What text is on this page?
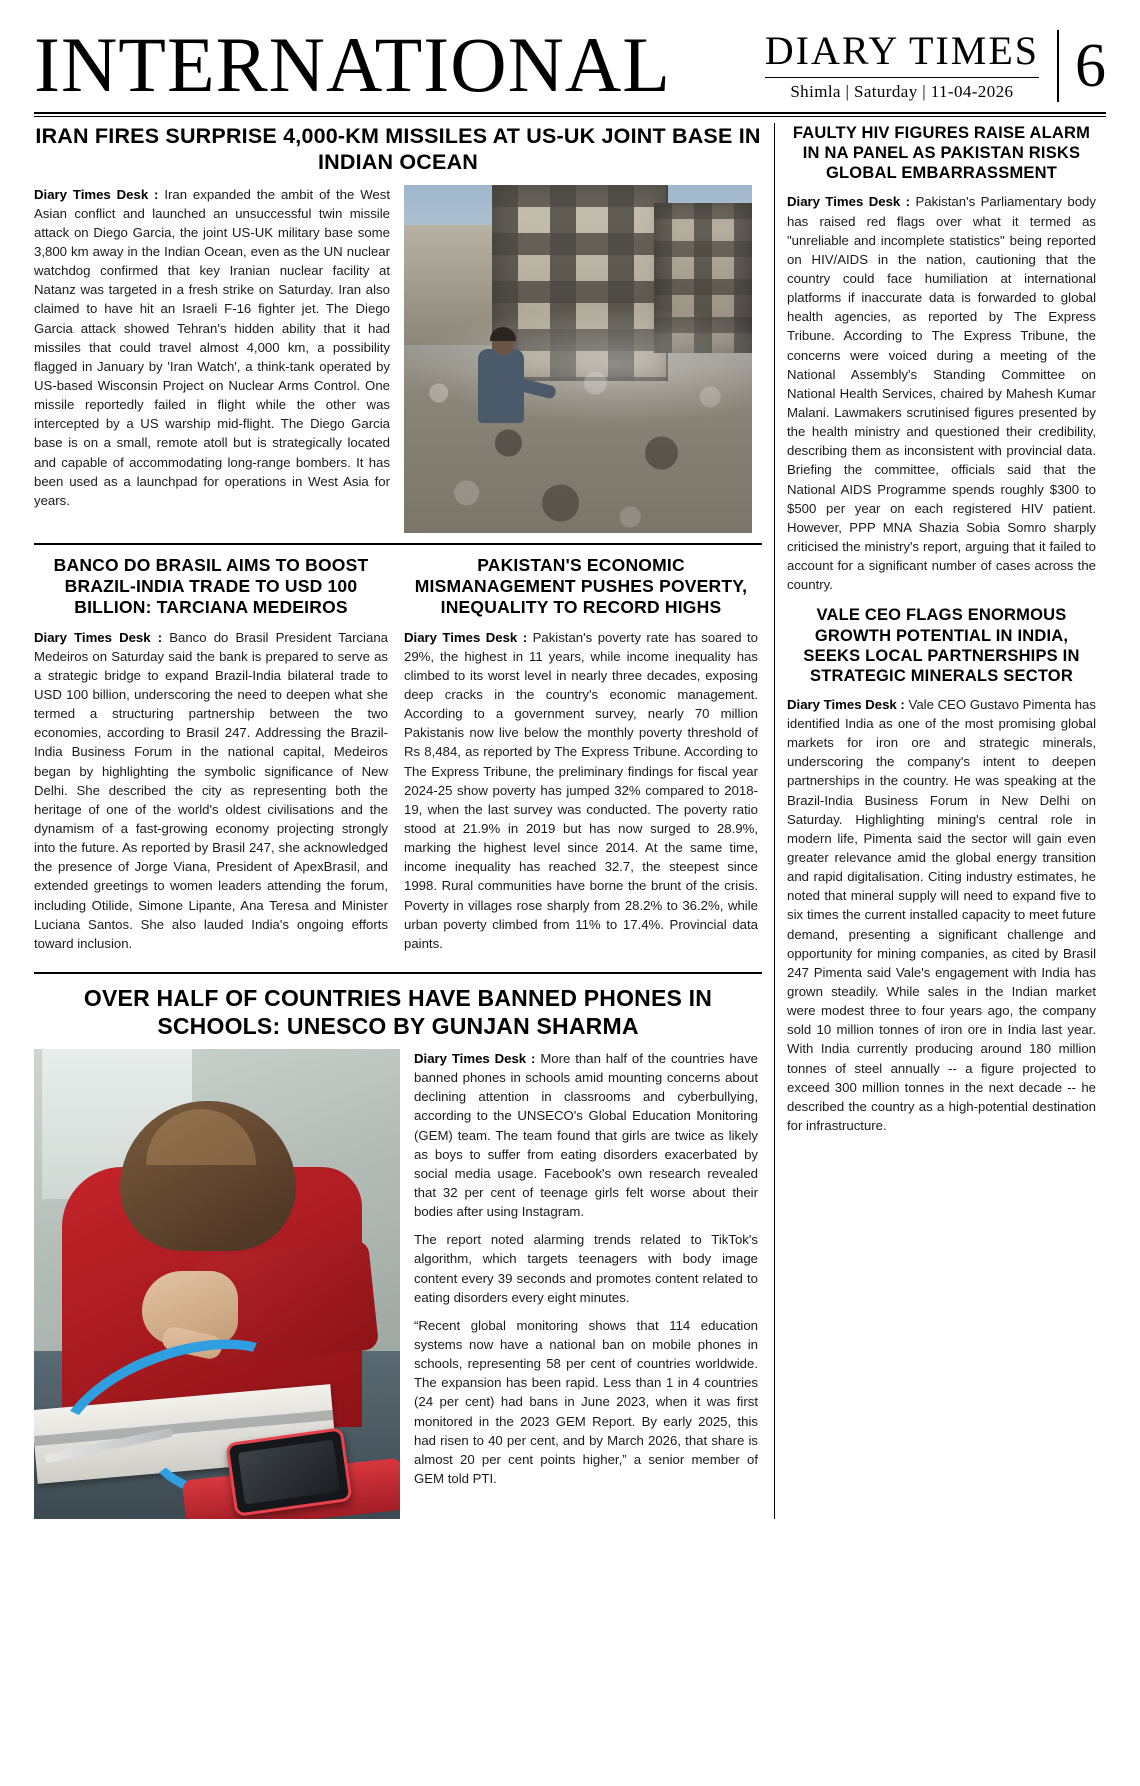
INTERNATIONAL DIARY TIMES
Shimla | Saturday | 11-04-2026 6
IRAN FIRES SURPRISE 4,000-KM MISSILES AT US-UK JOINT BASE IN INDIAN OCEAN

Diary Times Desk : Iran expanded the ambit of the West Asian conflict and launched an unsuccessful twin missile attack on Diego Garcia, the joint US-UK military base some 3,800 km away in the Indian Ocean, even as the UN nuclear watchdog confirmed that key Iranian nuclear facility at Natanz was targeted in a fresh strike on Saturday. Iran also claimed to have hit an Israeli F-16 fighter jet. The Diego Garcia attack showed Tehran's hidden ability that it had missiles that could travel almost 4,000 km, a possibility flagged in January by 'Iran Watch', a think-tank operated by US-based Wisconsin Project on Nuclear Arms Control. One missile reportedly failed in flight while the other was intercepted by a US warship mid-flight. The Diego Garcia base is on a small, remote atoll but is strategically located and capable of accommodating long-range bombers. It has been used as a launchpad for operations in West Asia for years.

BANCO DO BRASIL AIMS TO BOOST BRAZIL-INDIA TRADE TO USD 100 BILLION: TARCIANA MEDEIROS

Diary Times Desk : Banco do Brasil President Tarciana Medeiros on Saturday said the bank is prepared to serve as a strategic bridge to expand Brazil-India bilateral trade to USD 100 billion, underscoring the need to deepen what she termed a structuring partnership between the two economies, according to Brasil 247. Addressing the Brazil-India Business Forum in the national capital, Medeiros began by highlighting the symbolic significance of New Delhi. She described the city as representing both the heritage of one of the world's oldest civilisations and the dynamism of a fast-growing economy projecting strongly into the future. As reported by Brasil 247, she acknowledged the presence of Jorge Viana, President of ApexBrasil, and extended greetings to women leaders attending the forum, including Otilide, Simone Lipante, Ana Teresa and Minister Luciana Santos. She also lauded India's ongoing efforts toward inclusion.

PAKISTAN'S ECONOMIC MISMANAGEMENT PUSHES POVERTY, INEQUALITY TO RECORD HIGHS

Diary Times Desk : Pakistan's poverty rate has soared to 29%, the highest in 11 years, while income inequality has climbed to its worst level in nearly three decades, exposing deep cracks in the country's economic management. According to a government survey, nearly 70 million Pakistanis now live below the monthly poverty threshold of Rs 8,484, as reported by The Express Tribune. According to The Express Tribune, the preliminary findings for fiscal year 2024-25 show poverty has jumped 32% compared to 2018-19, when the last survey was conducted. The poverty ratio stood at 21.9% in 2019 but has now surged to 28.9%, marking the highest level since 2014. At the same time, income inequality has reached 32.7, the steepest since 1998. Rural communities have borne the brunt of the crisis. Poverty in villages rose sharply from 28.2% to 36.2%, while urban poverty climbed from 11% to 17.4%. Provincial data paints.

OVER HALF OF COUNTRIES HAVE BANNED PHONES IN SCHOOLS: UNESCO BY GUNJAN SHARMA

Diary Times Desk : More than half of the countries have banned phones in schools amid mounting concerns about declining attention in classrooms and cyberbullying, according to the UNSECO's Global Education Monitoring (GEM) team. The team found that girls are twice as likely as boys to suffer from eating disorders exacerbated by social media usage. Facebook's own research revealed that 32 per cent of teenage girls felt worse about their bodies after using Instagram.

The report noted alarming trends related to TikTok's algorithm, which targets teenagers with body image content every 39 seconds and promotes content related to eating disorders every eight minutes.

“Recent global monitoring shows that 114 education systems now have a national ban on mobile phones in schools, representing 58 per cent of countries worldwide. The expansion has been rapid. Less than 1 in 4 countries (24 per cent) had bans in June 2023, when it was first monitored in the 2023 GEM Report. By early 2025, this had risen to 40 per cent, and by March 2026, that share is almost 20 per cent points higher,” a senior member of GEM told PTI.

FAULTY HIV FIGURES RAISE ALARM IN NA PANEL AS PAKISTAN RISKS GLOBAL EMBARRASSMENT

Diary Times Desk : Pakistan's Parliamentary body has raised red flags over what it termed as "unreliable and incomplete statistics" being reported on HIV/AIDS in the nation, cautioning that the country could face humiliation at international platforms if inaccurate data is forwarded to global health agencies, as reported by The Express Tribune. According to The Express Tribune, the concerns were voiced during a meeting of the National Assembly's Standing Committee on National Health Services, chaired by Mahesh Kumar Malani. Lawmakers scrutinised figures presented by the health ministry and questioned their credibility, describing them as inconsistent with provincial data. Briefing the committee, officials said that the National AIDS Programme spends roughly $300 to $500 per year on each registered HIV patient. However, PPP MNA Shazia Sobia Somro sharply criticised the ministry's report, arguing that it failed to account for a significant number of cases across the country.

VALE CEO FLAGS ENORMOUS GROWTH POTENTIAL IN INDIA, SEEKS LOCAL PARTNERSHIPS IN STRATEGIC MINERALS SECTOR

Diary Times Desk : Vale CEO Gustavo Pimenta has identified India as one of the most promising global markets for iron ore and strategic minerals, underscoring the company's intent to deepen partnerships in the country. He was speaking at the Brazil-India Business Forum in New Delhi on Saturday. Highlighting mining's central role in modern life, Pimenta said the sector will gain even greater relevance amid the global energy transition and rapid digitalisation. Citing industry estimates, he noted that mineral supply will need to expand five to six times the current installed capacity to meet future demand, presenting a significant challenge and opportunity for mining companies, as cited by Brasil 247 Pimenta said Vale's engagement with India has grown steadily. While sales in the Indian market were modest three to four years ago, the company sold 10 million tonnes of iron ore in India last year. With India currently producing around 180 million tonnes of steel annually -- a figure projected to exceed 300 million tonnes in the next decade -- he described the country as a high-potential destination for infrastructure.
